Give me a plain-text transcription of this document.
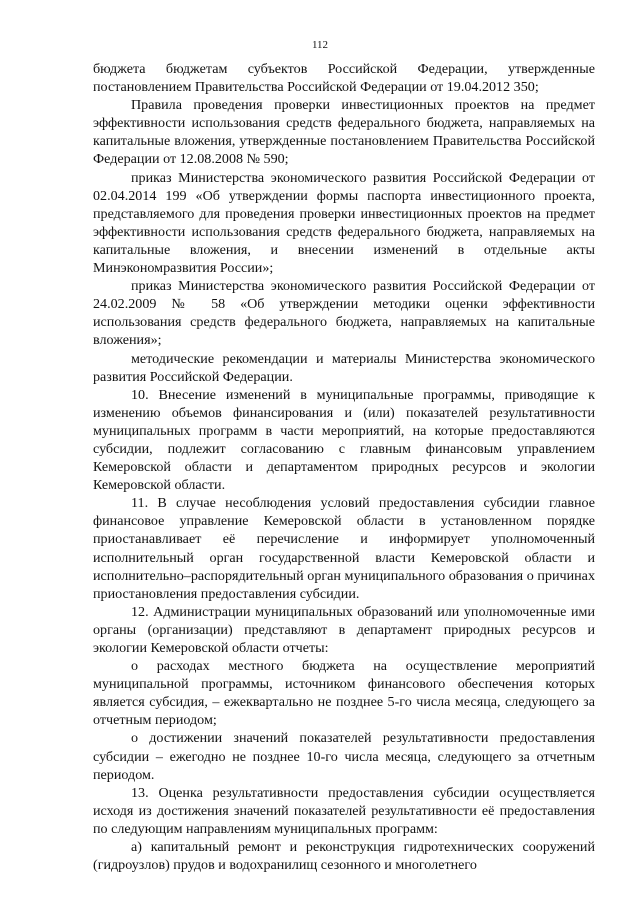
112

бюджета бюджетам субъектов Российской Федерации, утвержденные постановлением Правительства Российской Федерации от 19.04.2012 350;

Правила проведения проверки инвестиционных проектов на предмет эффективности использования средств федерального бюджета, направляемых на капитальные вложения, утвержденные постановлением Правительства Российской Федерации от 12.08.2008 № 590;

приказ Министерства экономического развития Российской Федерации от 02.04.2014 199 «Об утверждении формы паспорта инвестиционного проекта, представляемого для проведения проверки инвестиционных проектов на предмет эффективности использования средств федерального бюджета, направляемых на капитальные вложения, и внесении изменений в отдельные акты Минэкономразвития России»;

приказ Министерства экономического развития Российской Федерации от 24.02.2009 № 58 «Об утверждении методики оценки эффективности использования средств федерального бюджета, направляемых на капитальные вложения»;

методические рекомендации и материалы Министерства экономического развития Российской Федерации.

10. Внесение изменений в муниципальные программы, приводящие к изменению объемов финансирования и (или) показателей результативности муниципальных программ в части мероприятий, на которые предоставляются субсидии, подлежит согласованию с главным финансовым управлением Кемеровской области и департаментом природных ресурсов и экологии Кемеровской области.

11. В случае несоблюдения условий предоставления субсидии главное финансовое управление Кемеровской области в установленном порядке приостанавливает её перечисление и информирует уполномоченный исполнительный орган государственной власти Кемеровской области и исполнительно–распорядительный орган муниципального образования о причинах приостановления предоставления субсидии.

12. Администрации муниципальных образований или уполномоченные ими органы (организации) представляют в департамент природных ресурсов и экологии Кемеровской области отчеты:

о расходах местного бюджета на осуществление мероприятий муниципальной программы, источником финансового обеспечения которых является субсидия, – ежеквартально не позднее 5-го числа месяца, следующего за отчетным периодом;

о достижении значений показателей результативности предоставления субсидии – ежегодно не позднее 10-го числа месяца, следующего за отчетным периодом.

13. Оценка результативности предоставления субсидии осуществляется исходя из достижения значений показателей результативности её предоставления по следующим направлениям муниципальных программ:

а) капитальный ремонт и реконструкция гидротехнических сооружений (гидроузлов) прудов и водохранилищ сезонного и многолетнего
